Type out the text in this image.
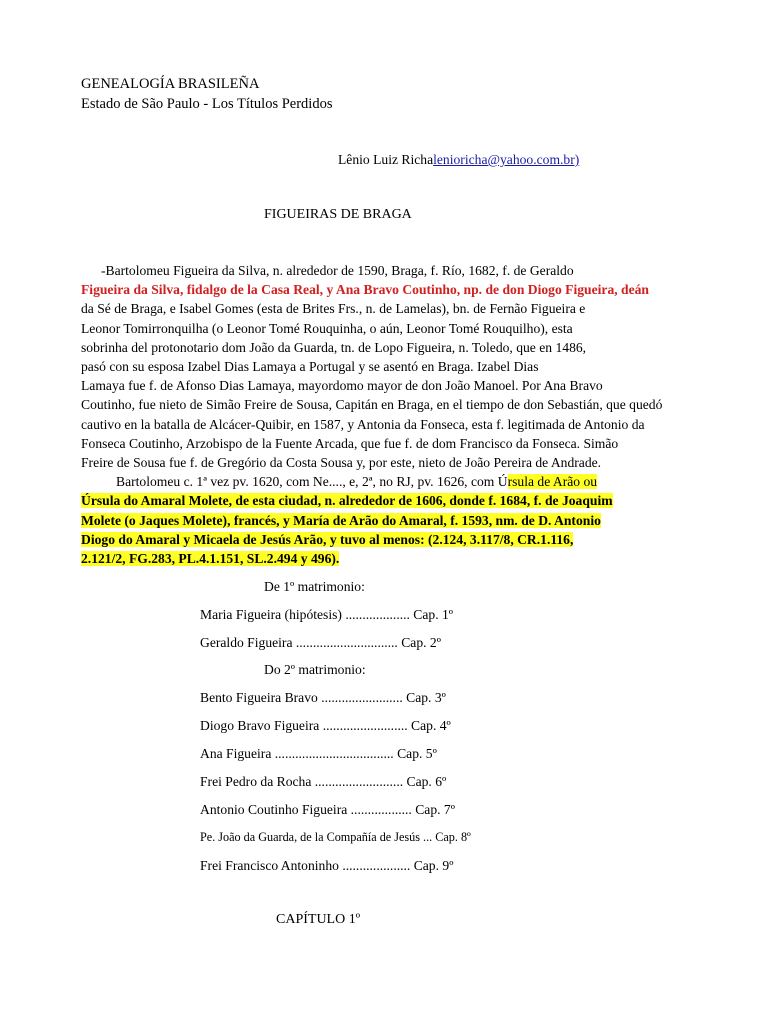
GENEALOGÍA BRASILEÑA
Estado de São Paulo - Los Títulos Perdidos
Lênio Luiz Richalenioricha@yahoo.com.br)
FIGUEIRAS DE BRAGA
-Bartolomeu Figueira da Silva, n. alrededor de 1590, Braga, f. Río, 1682, f. de Geraldo
Figueira da Silva, fidalgo de la Casa Real, y Ana Bravo Coutinho, np. de don Diogo Figueira, deán
da Sé de Braga, e Isabel Gomes (esta de Brites Frs., n. de Lamelas), bn. de Fernão Figueira e
Leonor Tomirronquilha (o Leonor Tomé Rouquinha, o aún, Leonor Tomé Rouquilho), esta
sobrinha del protonotario dom João da Guarda, tn. de Lopo Figueira, n. Toledo, que en 1486,
pasó con su esposa Izabel Dias Lamaya a Portugal y se asentó en Braga. Izabel Dias
Lamaya fue f. de Afonso Dias Lamaya, mayordomo mayor de don João Manoel. Por Ana Bravo
Coutinho, fue nieto de Simão Freire de Sousa, Capitán en Braga, en el tiempo de don Sebastián, que quedó
cautivo en la batalla de Alcácer-Quibir, en 1587, y Antonia da Fonseca, esta f. legitimada de Antonio da
Fonseca Coutinho, Arzobispo de la Fuente Arcada, que fue f. de dom Francisco da Fonseca. Simão
Freire de Sousa fue f. de Gregório da Costa Sousa y, por este, nieto de João Pereira de Andrade.
Bartolomeu c. 1ª vez pv. 1620, com Ne...., e, 2ª, no RJ, pv. 1626, com Úrsula de Arão ou
Úrsula do Amaral Molete, de esta ciudad, n. alrededor de 1606, donde f. 1684, f. de Joaquim
Molete (o Jaques Molete), francés, y María de Arão do Amaral, f. 1593, nm. de D. Antonio
Diogo do Amaral y Micaela de Jesús Arão, y tuvo al menos: (2.124, 3.117/8, CR.1.116,
2.121/2, FG.283, PL.4.1.151, SL.2.494 y 496).
De 1º matrimonio:
Maria Figueira (hipótesis) ................... Cap. 1º
Geraldo Figueira .............................. Cap. 2º
Do 2º matrimonio:
Bento Figueira Bravo ........................ Cap. 3º
Diogo Bravo Figueira ......................... Cap. 4º
Ana Figueira ................................... Cap. 5º
Frei Pedro da Rocha .......................... Cap. 6º
Antonio Coutinho Figueira .................. Cap. 7º
Pe. João da Guarda, de la Compañía de Jesús ... Cap. 8º
Frei Francisco Antoninho .................... Cap. 9º
CAPÍTULO 1º
